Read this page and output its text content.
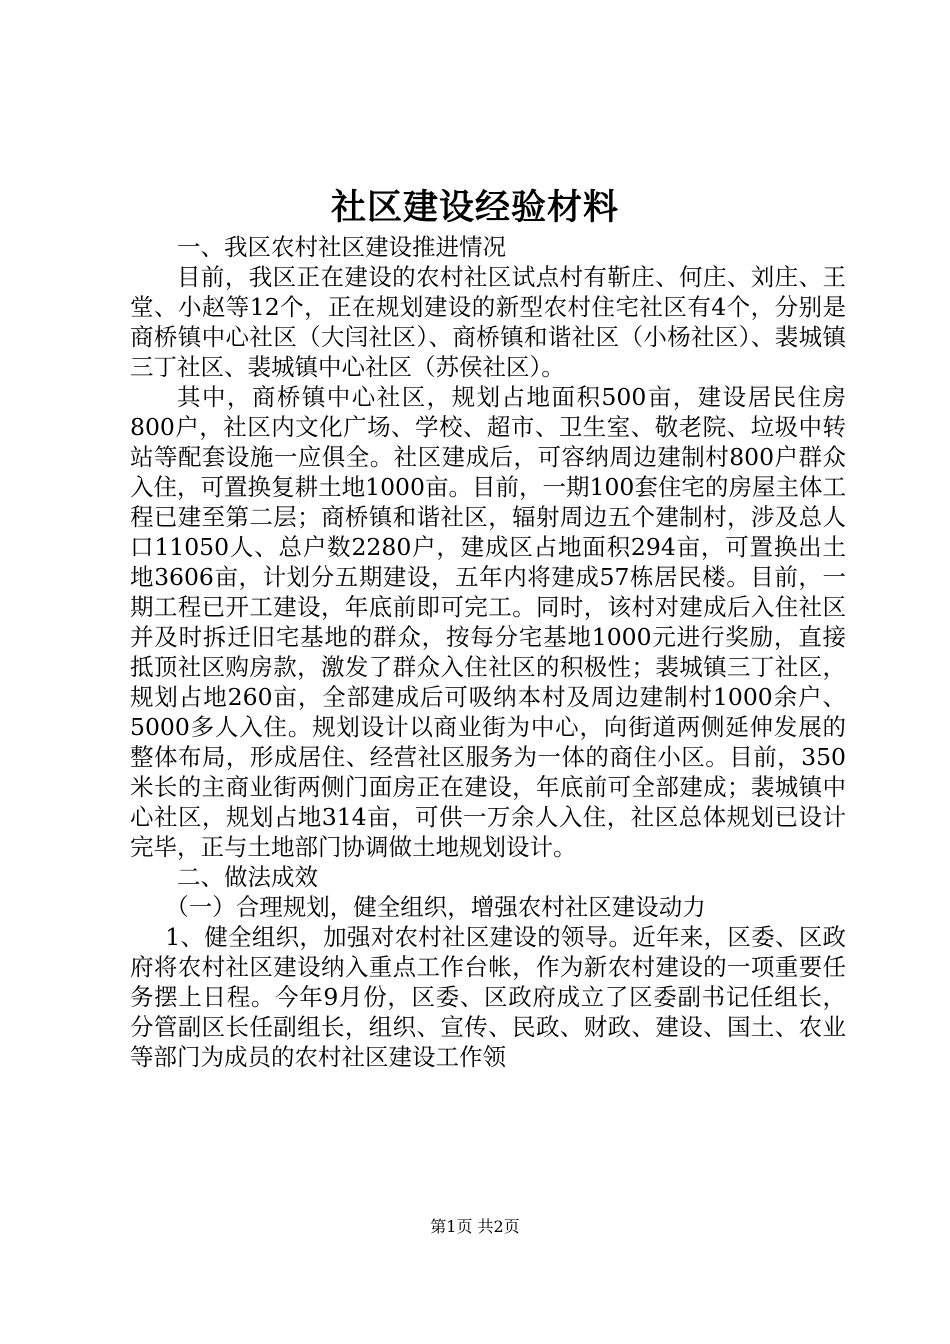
社区建设经验材料

一、我区农村社区建设推进情况

目前，我区正在建设的农村社区试点村有靳庄、何庄、刘庄、王堂、小赵等12个，正在规划建设的新型农村住宅社区有4个，分别是商桥镇中心社区（大闫社区）、商桥镇和谐社区（小杨社区）、裴城镇三丁社区、裴城镇中心社区（苏侯社区）。

其中，商桥镇中心社区，规划占地面积500亩，建设居民住房800户，社区内文化广场、学校、超市、卫生室、敬老院、垃圾中转站等配套设施一应俱全。社区建成后，可容纳周边建制村800户群众入住，可置换复耕土地1000亩。目前，一期100套住宅的房屋主体工程已建至第二层；商桥镇和谐社区，辐射周边五个建制村，涉及总人口11050人、总户数2280户，建成区占地面积294亩，可置换出土地3606亩，计划分五期建设，五年内将建成57栋居民楼。目前，一期工程已开工建设，年底前即可完工。同时，该村对建成后入住社区并及时拆迁旧宅基地的群众，按每分宅基地1000元进行奖励，直接抵顶社区购房款，激发了群众入住社区的积极性；裴城镇三丁社区，规划占地260亩，全部建成后可吸纳本村及周边建制村1000余户、5000多人入住。规划设计以商业街为中心，向街道两侧延伸发展的整体布局，形成居住、经营社区服务为一体的商住小区。目前，350米长的主商业街两侧门面房正在建设，年底前可全部建成；裴城镇中心社区，规划占地314亩，可供一万余人入住，社区总体规划已设计完毕，正与土地部门协调做土地规划设计。

二、做法成效

（一）合理规划，健全组织，增强农村社区建设动力

1、健全组织，加强对农村社区建设的领导。近年来，区委、区政府将农村社区建设纳入重点工作台帐，作为新农村建设的一项重要任务摆上日程。今年9月份，区委、区政府成立了区委副书记任组长，分管副区长任副组长，组织、宣传、民政、财政、建设、国土、农业等部门为成员的农村社区建设工作领

第1页 共2页
